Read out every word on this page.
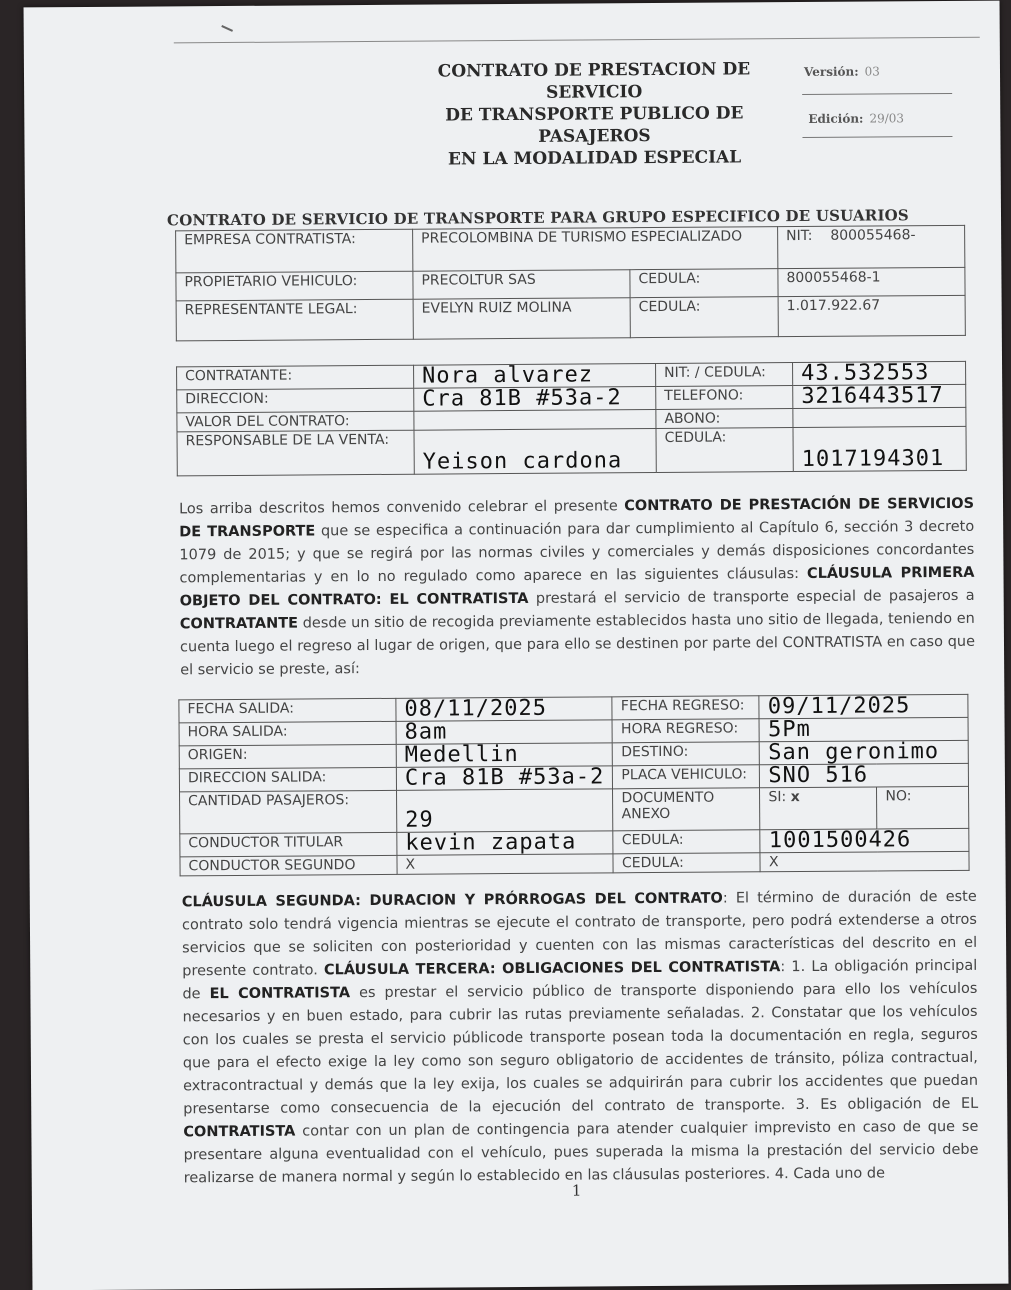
CONTRATO DE PRESTACION DE SERVICIO
DE TRANSPORTE PUBLICO DE PASAJEROS
EN LA MODALIDAD ESPECIAL
Versión: 03
Edición: 29/03
CONTRATO DE SERVICIO DE TRANSPORTE PARA GRUPO ESPECIFICO DE USUARIOS
EMPRESA CONTRATISTA:	PRECOLOMBINA DE TURISMO ESPECIALIZADO		NIT: 800055468-
PROPIETARIO VEHICULO:	PRECOLTUR SAS	CEDULA:	800055468-1
REPRESENTANTE LEGAL:	EVELYN RUIZ MOLINA	CEDULA:	1.017.922.67
CONTRATANTE:	Nora alvarez	NIT: / CEDULA:	43.532553
DIRECCION:	Cra 81B #53a-2	TELEFONO:	3216443517
VALOR DEL CONTRATO:		ABONO:	
RESPONSABLE DE LA VENTA:	Yeison cardona	CEDULA:	1017194301
Los arriba descritos hemos convenido celebrar el presente CONTRATO DE PRESTACIÓN DE SERVICIOS DE TRANSPORTE que se especifica a continuación para dar cumplimiento al Capítulo 6, sección 3 decreto 1079 de 2015; y que se regirá por las normas civiles y comerciales y demás disposiciones concordantes complementarias y en lo no regulado como aparece en las siguientes cláusulas: CLÁUSULA PRIMERA OBJETO DEL CONTRATO: EL CONTRATISTA prestará el servicio de transporte especial de pasajeros a CONTRATANTE desde un sitio de recogida previamente establecidos hasta uno sitio de llegada, teniendo en cuenta luego el regreso al lugar de origen, que para ello se destinen por parte del CONTRATISTA en caso que el servicio se preste, así:
FECHA SALIDA:	08/11/2025	FECHA REGRESO:	09/11/2025	
HORA SALIDA:	8am	HORA REGRESO:	5Pm	
ORIGEN:	Medellin	DESTINO:	San geronimo	
DIRECCION SALIDA:	Cra 81B #53a-2	PLACA VEHICULO:	SNO 516	
CANTIDAD PASAJEROS:	29	DOCUMENTO ANEXO	SI: x	NO:
CONDUCTOR TITULAR	kevin zapata	CEDULA:	1001500426	
CONDUCTOR SEGUNDO	X	CEDULA:	X	
CLÁUSULA SEGUNDA: DURACION Y PRÓRROGAS DEL CONTRATO: El término de duración de este contrato solo tendrá vigencia mientras se ejecute el contrato de transporte, pero podrá extenderse a otros servicios que se soliciten con posterioridad y cuenten con las mismas características del descrito en el presente contrato. CLÁUSULA TERCERA: OBLIGACIONES DEL CONTRATISTA: 1. La obligación principal de EL CONTRATISTA es prestar el servicio público de transporte disponiendo para ello los vehículos necesarios y en buen estado, para cubrir las rutas previamente señaladas. 2. Constatar que los vehículos con los cuales se presta el servicio públicode transporte posean toda la documentación en regla, seguros que para el efecto exige la ley como son seguro obligatorio de accidentes de tránsito, póliza contractual, extracontractual y demás que la ley exija, los cuales se adquirirán para cubrir los accidentes que puedan presentarse como consecuencia de la ejecución del contrato de transporte. 3. Es obligación de EL CONTRATISTA contar con un plan de contingencia para atender cualquier imprevisto en caso de que se presentare alguna eventualidad con el vehículo, pues superada la misma la prestación del servicio debe realizarse de manera normal y según lo establecido en las cláusulas posteriores. 4. Cada uno de
1
